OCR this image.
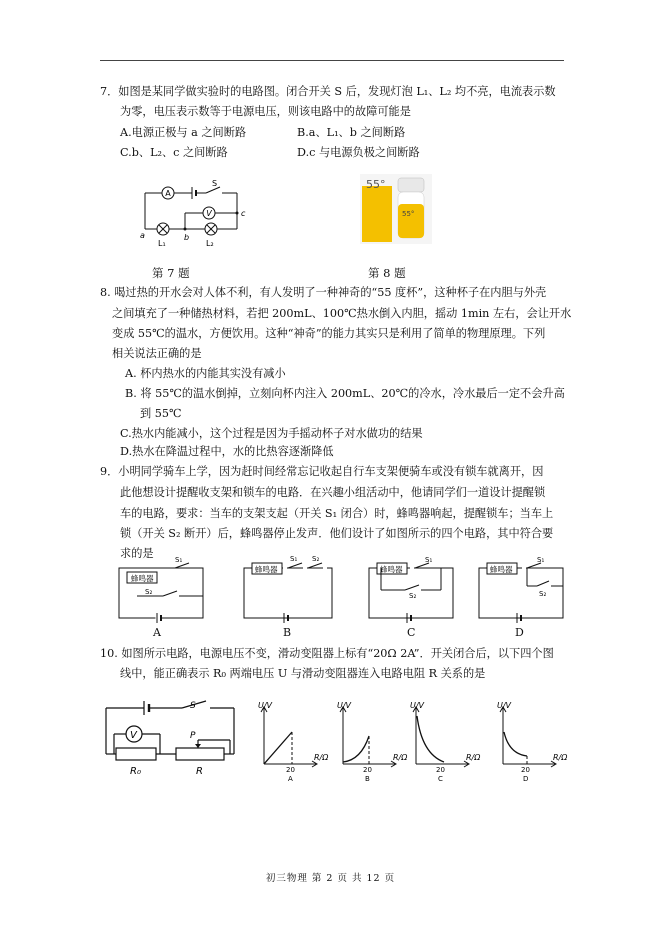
7．如图是某同学做实验时的电路图。闭合开关 S 后，发现灯泡 L₁、L₂ 均不亮，电流表示数
为零，电压表示数等于电源电压，则该电路中的故障可能是
A.电源正极与 a 之间断路	B.a、L₁、b 之间断路
C.b、L₂、c 之间断路	D.c 与电源负极之间断路
A
V
S
a	b
c
L₁	L₂
55°
55°
第 7 题	第 8 题
8. 喝过热的开水会对人体不利，有人发明了一种神奇的“55 度杯”，这种杯子在内胆与外壳
之间填充了一种储热材料，若把 200mL、100℃热水倒入内胆，摇动 1min 左右，会让开水
变成 55℃的温水，方便饮用。这种“神奇”的能力其实只是利用了简单的物理原理。下列
相关说法正确的是
A. 杯内热水的内能其实没有减小
B. 将 55℃的温水倒掉，立刻向杯内注入 200mL、20℃的冷水，冷水最后一定不会升高
到 55℃
C.热水内能减小，这个过程是因为手摇动杯子对水做功的结果
D.热水在降温过程中，水的比热容逐渐降低
9．小明同学骑车上学，因为赶时间经常忘记收起自行车支架便骑车或没有锁车就离开，因
此他想设计提醒收支架和锁车的电路．在兴趣小组活动中，他请同学们一道设计提醒锁
车的电路，要求：当车的支架支起（开关 S₁ 闭合）时，蜂鸣器响起，提醒锁车；当车上
锁（开关 S₂ 断开）后，蜂鸣器停止发声．他们设计了如图所示的四个电路，其中符合要
求的是
蜂鸣器
S₁
S₂
蜂鸣器
S₁ S₂
蜂鸣器
S₁
S₂
蜂鸣器
S₁
S₂
A	B	C	D
10. 如图所示电路，电源电压不变，滑动变阻器上标有“20Ω 2A”．开关闭合后，以下四个图
线中，能正确表示 R₀ 两端电压 U 与滑动变阻器连入电路电阻 R 关系的是
V
S
P
R₀	R
U/V
R/Ω
20
A
U/V
R/Ω
20
B
U/V
R/Ω
20
C
U/V
R/Ω
20
D
初三物理 第 2 页 共 12 页
